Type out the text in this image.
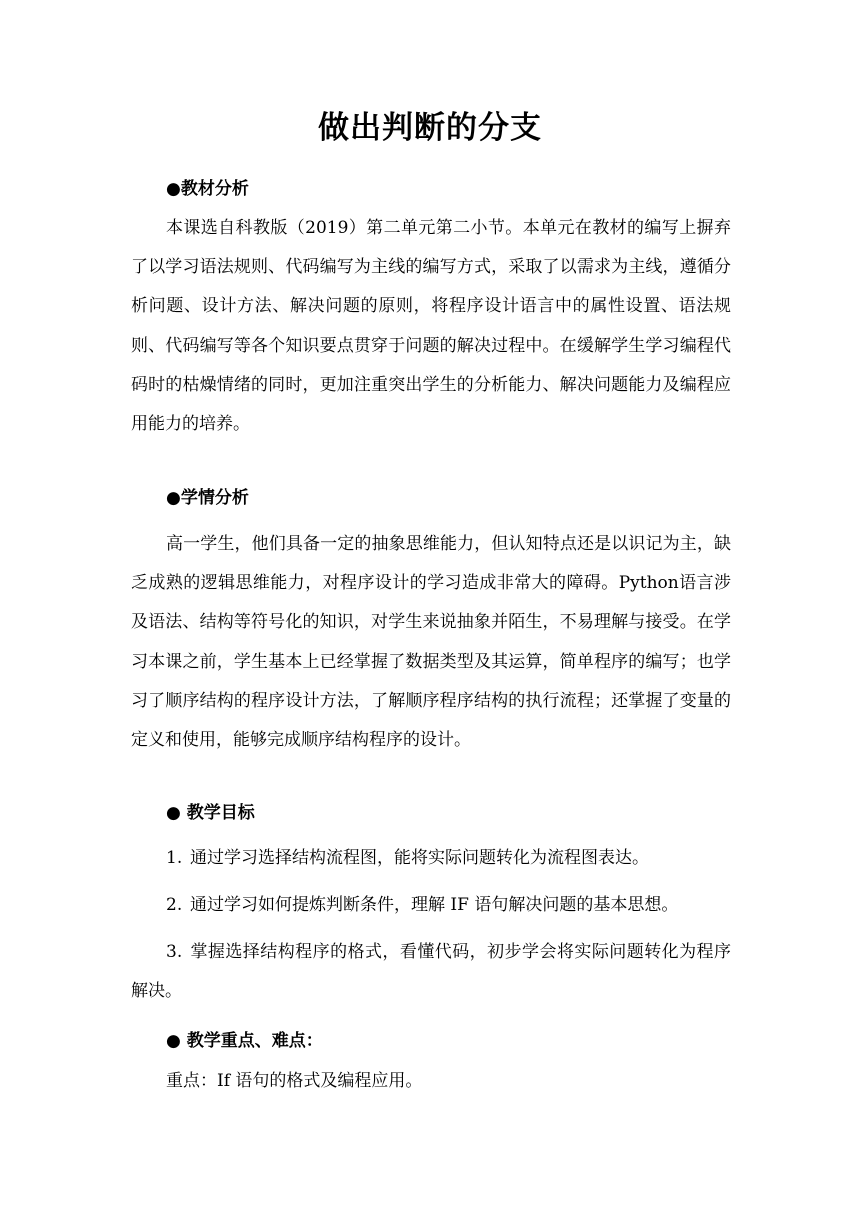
做出判断的分支
●教材分析

本课选自科教版（2019）第二单元第二小节。本单元在教材的编写上摒弃了以学习语法规则、代码编写为主线的编写方式，采取了以需求为主线，遵循分析问题、设计方法、解决问题的原则，将程序设计语言中的属性设置、语法规则、代码编写等各个知识要点贯穿于问题的解决过程中。在缓解学生学习编程代码时的枯燥情绪的同时，更加注重突出学生的分析能力、解决问题能力及编程应用能力的培养。

●学情分析

高一学生，他们具备一定的抽象思维能力，但认知特点还是以识记为主，缺乏成熟的逻辑思维能力，对程序设计的学习造成非常大的障碍。Python语言涉及语法、结构等符号化的知识，对学生来说抽象并陌生，不易理解与接受。在学习本课之前，学生基本上已经掌握了数据类型及其运算，简单程序的编写；也学习了顺序结构的程序设计方法，了解顺序程序结构的执行流程；还掌握了变量的定义和使用，能够完成顺序结构程序的设计。

● 教学目标

1. 通过学习选择结构流程图，能将实际问题转化为流程图表达。

2. 通过学习如何提炼判断条件，理解 IF 语句解决问题的基本思想。

3. 掌握选择结构程序的格式，看懂代码，初步学会将实际问题转化为程序解决。

● 教学重点、难点：

重点：If 语句的格式及编程应用。
